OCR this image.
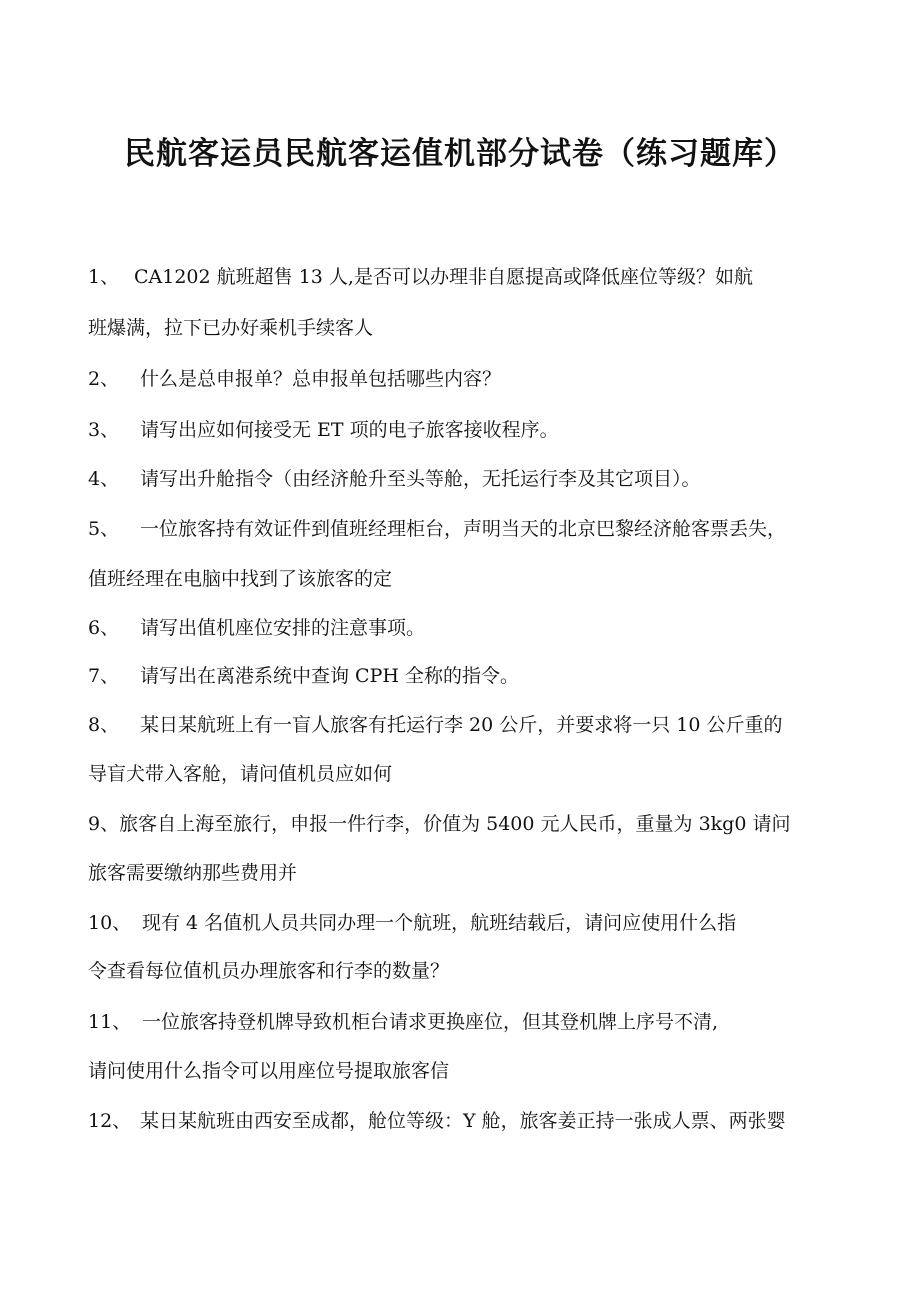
民航客运员民航客运值机部分试卷（练习题库）
1、 CA1202 航班超售 13 人,是否可以办理非自愿提高或降低座位等级？如航
班爆满，拉下已办好乘机手续客人
2、 什么是总申报单？总申报单包括哪些内容？
3、 请写出应如何接受无 ET 项的电子旅客接收程序。
4、 请写出升舱指令（由经济舱升至头等舱，无托运行李及其它项目）。
5、 一位旅客持有效证件到值班经理柜台，声明当天的北京巴黎经济舱客票丢失，
值班经理在电脑中找到了该旅客的定
6、 请写出值机座位安排的注意事项。
7、 请写出在离港系统中查询 CPH 全称的指令。
8、 某日某航班上有一盲人旅客有托运行李 20 公斤，并要求将一只 10 公斤重的
导盲犬带入客舱，请问值机员应如何
9、旅客自上海至旅行，申报一件行李，价值为 5400 元人民币，重量为 3kg0 请问
旅客需要缴纳那些费用并
10、 现有 4 名值机人员共同办理一个航班，航班结载后，请问应使用什么指
令查看每位值机员办理旅客和行李的数量？
11、 一位旅客持登机牌导致机柜台请求更换座位，但其登机牌上序号不清,
请问使用什么指令可以用座位号提取旅客信
12、 某日某航班由西安至成都，舱位等级：Y 舱，旅客姜正持一张成人票、两张婴
